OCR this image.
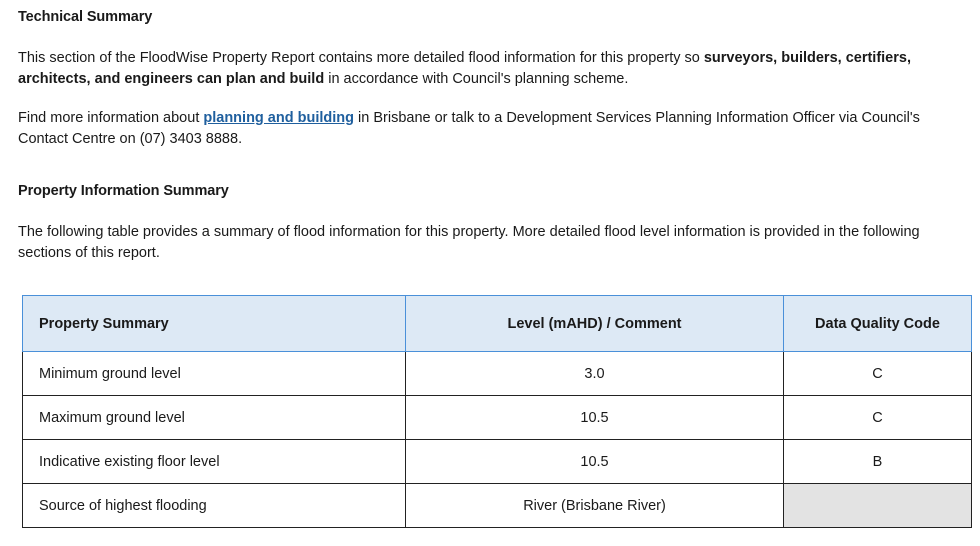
Technical Summary
This section of the FloodWise Property Report contains more detailed flood information for this property so surveyors, builders, certifiers, architects, and engineers can plan and build in accordance with Council's planning scheme.
Find more information about planning and building in Brisbane or talk to a Development Services Planning Information Officer via Council's Contact Centre on (07) 3403 8888.
Property Information Summary
The following table provides a summary of flood information for this property. More detailed flood level information is provided in the following sections of this report.
Property Summary	Level (mAHD) / Comment	Data Quality Code
Minimum ground level	3.0	C
Maximum ground level	10.5	C
Indicative existing floor level	10.5	B
Source of highest flooding	River (Brisbane River)	
